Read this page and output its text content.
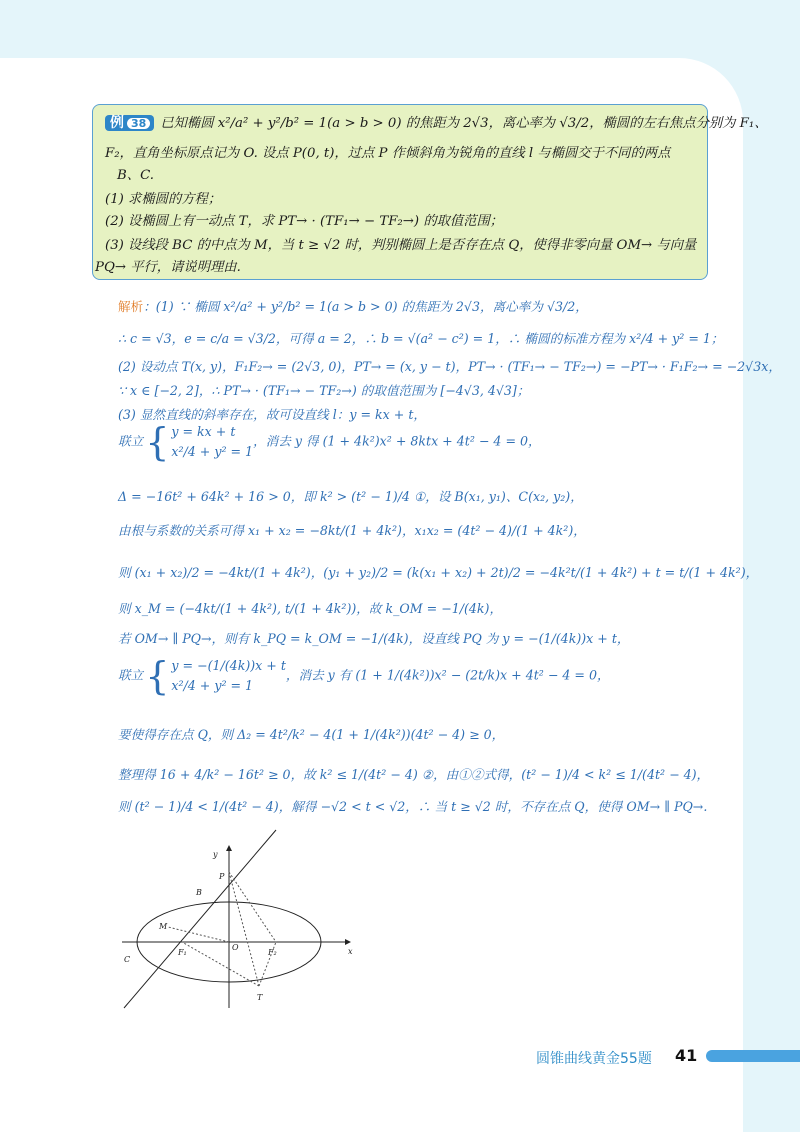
例 38 已知椭圆 x²/a² + y²/b² = 1(a > b > 0) 的焦距为 2√3，离心率为 √3/2，椭圆的左右焦点分别为 F₁、
F₂，直角坐标原点记为 O. 设点 P(0, t)，过点 P 作倾斜角为锐角的直线 l 与椭圆交于不同的两点
B、C.
(1) 求椭圆的方程；
(2) 设椭圆上有一动点 T，求 PT→ · (TF₁→ − TF₂→) 的取值范围；
(3) 设线段 BC 的中点为 M，当 t ≥ √2 时，判别椭圆上是否存在点 Q，使得非零向量 OM→ 与向量
PQ→ 平行，请说明理由.
解析：(1) ∵ 椭圆 x²/a² + y²/b² = 1(a > b > 0) 的焦距为 2√3，离心率为 √3/2，
∴ c = √3，e = c/a = √3/2，可得 a = 2，∴ b = √(a² − c²) = 1，∴ 椭圆的标准方程为 x²/4 + y² = 1；
(2) 设动点 T(x, y)，F₁F₂→ = (2√3, 0)，PT→ = (x, y − t)，PT→ · (TF₁→ − TF₂→) = −PT→ · F₁F₂→ = −2√3x，
∵ x ∈ [−2, 2]，∴ PT→ · (TF₁→ − TF₂→) 的取值范围为 [−4√3, 4√3]；
(3) 显然直线的斜率存在，故可设直线 l：y = kx + t，
联立{ y = kx + t
x²/4 + y² = 1，消去 y 得 (1 + 4k²)x² + 8ktx + 4t² − 4 = 0，
Δ = −16t² + 64k² + 16 > 0，即 k² > (t² − 1)/4 ①，设 B(x₁, y₁)、C(x₂, y₂)，
由根与系数的关系可得 x₁ + x₂ = −8kt/(1 + 4k²)，x₁x₂ = (4t² − 4)/(1 + 4k²)，
则 (x₁ + x₂)/2 = −4kt/(1 + 4k²)，(y₁ + y₂)/2 = (k(x₁ + x₂) + 2t)/2 = −4k²t/(1 + 4k²) + t = t/(1 + 4k²)，
则 x_M = (−4kt/(1 + 4k²), t/(1 + 4k²))，故 k_OM = −1/(4k)，
若 OM→ ∥ PQ→，则有 k_PQ = k_OM = −1/(4k)，设直线 PQ 为 y = −(1/(4k))x + t，
联立{ y = −(1/(4k))x + t
x²/4 + y² = 1，消去 y 有 (1 + 1/(4k²))x² − (2t/k)x + 4t² − 4 = 0，
要使得存在点 Q，则 Δ₂ = 4t²/k² − 4(1 + 1/(4k²))(4t² − 4) ≥ 0，
整理得 16 + 4/k² − 16t² ≥ 0，故 k² ≤ 1/(4t² − 4) ②，由①②式得，(t² − 1)/4 < k² ≤ 1/(4t² − 4)，
则 (t² − 1)/4 < 1/(4t² − 4)，解得 −√2 < t < √2，∴ 当 t ≥ √2 时，不存在点 Q，使得 OM→ ∥ PQ→.
y
x
P
B
M
O
C
F₁	F₂
T
圆锥曲线黄金55题 41
